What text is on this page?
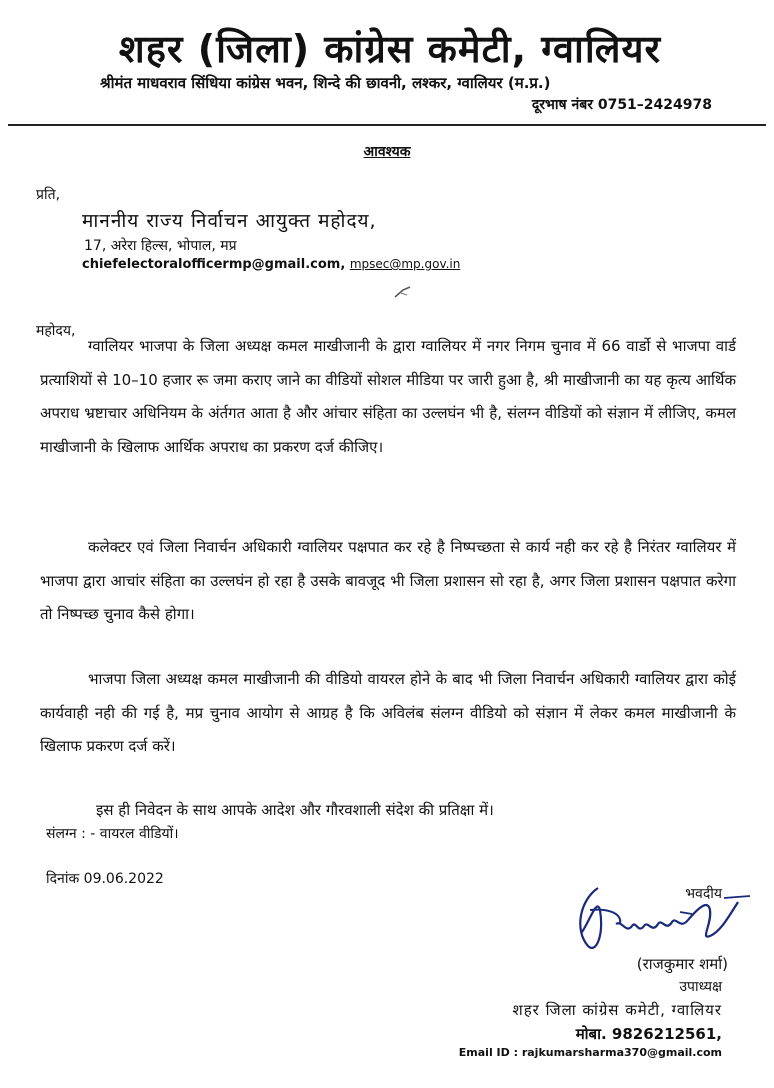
शहर (जिला) कांग्रेस कमेटी, ग्वालियर
श्रीमंत माधवराव सिंधिया कांग्रेस भवन, शिन्दे की छावनी, लश्कर, ग्वालियर (म.प्र.)
दूरभाष नंबर 0751–2424978
आवश्यक
प्रति,
माननीय राज्य निर्वाचन आयुक्त महोदय,
17, अरेरा हिल्स, भोपाल, मप्र
chiefelectoralofficermp@gmail.com, mpsec@mp.gov.in
महोदय,
ग्वालियर भाजपा के जिला अध्यक्ष कमल माखीजानी के द्वारा ग्वालियर में नगर निगम चुनाव में 66 वार्डो से भाजपा वार्ड प्रत्याशियों से 10–10 हजार रू जमा कराए जाने का वीडियों सोशल मीडिया पर जारी हुआ है, श्री माखीजानी का यह कृत्य आर्थिक अपराध भ्रष्टाचार अधिनियम के अंर्तगत आता है और आंचार संहिता का उल्लघंन भी है, संलग्न वीडियों को संज्ञान में लीजिए, कमल माखीजानी के खिलाफ आर्थिक अपराध का प्रकरण दर्ज कीजिए।
कलेक्टर एवं जिला निवार्चन अधिकारी ग्वालियर पक्षपात कर रहे है निष्पच्छता से कार्य नही कर रहे है निरंतर ग्वालियर में भाजपा द्वारा आचांर संहिता का उल्लघंन हो रहा है उसके बावजूद भी जिला प्रशासन सो रहा है, अगर जिला प्रशासन पक्षपात करेगा तो निष्पच्छ चुनाव कैसे होगा।
भाजपा जिला अध्यक्ष कमल माखीजानी की वीडियो वायरल होने के बाद भी जिला निवार्चन अधिकारी ग्वालियर द्वारा कोई कार्यवाही नही की गई है, मप्र चुनाव आयोग से आग्रह है कि अविलंब संलग्न वीडियो को संज्ञान में लेकर कमल माखीजानी के खिलाफ प्रकरण दर्ज करें।
इस ही निवेदन के साथ आपके आदेश और गौरवशाली संदेश की प्रतिक्षा में।
संलग्न : - वायरल वीडियों।
दिनांक 09.06.2022
भवदीय
(राजकुमार शर्मा)
उपाध्यक्ष
शहर जिला कांग्रेस कमेटी, ग्वालियर
मोबा. 9826212561,
Email ID : rajkumarsharma370@gmail.com
